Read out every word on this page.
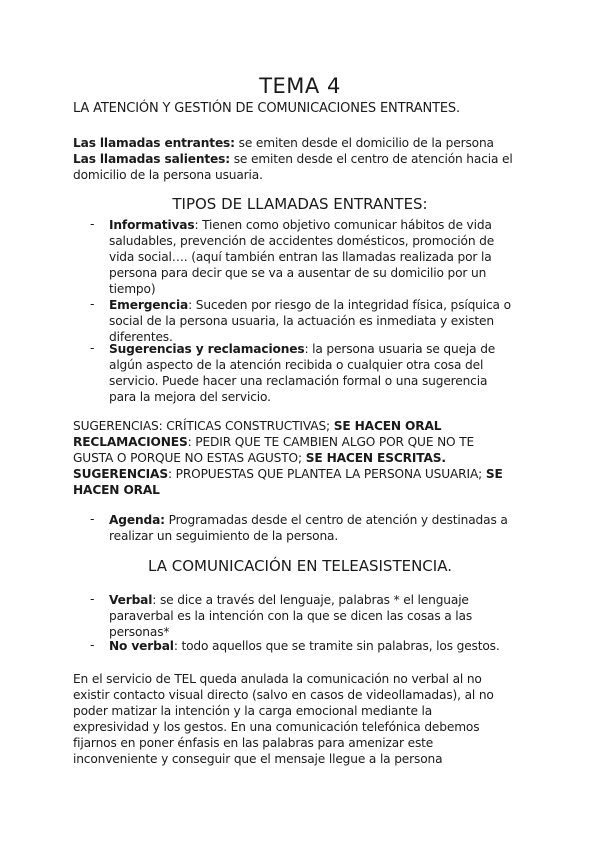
TEMA 4
LA ATENCIÓN Y GESTIÓN DE COMUNICACIONES ENTRANTES.
Las llamadas entrantes: se emiten desde el domicilio de la persona
Las llamadas salientes: se emiten desde el centro de atención hacia el
domicilio de la persona usuaria.
TIPOS DE LLAMADAS ENTRANTES:
- Informativas: Tienen como objetivo comunicar hábitos de vida
saludables, prevención de accidentes domésticos, promoción de
vida social…. (aquí también entran las llamadas realizada por la
persona para decir que se va a ausentar de su domicilio por un
tiempo)
- Emergencia: Suceden por riesgo de la integridad física, psíquica o
social de la persona usuaria, la actuación es inmediata y existen
diferentes.
- Sugerencias y reclamaciones: la persona usuaria se queja de
algún aspecto de la atención recibida o cualquier otra cosa del
servicio. Puede hacer una reclamación formal o una sugerencia
para la mejora del servicio.
SUGERENCIAS: CRÍTICAS CONSTRUCTIVAS; SE HACEN ORAL
RECLAMACIONES: PEDIR QUE TE CAMBIEN ALGO POR QUE NO TE
GUSTA O PORQUE NO ESTAS AGUSTO; SE HACEN ESCRITAS.
SUGERENCIAS: PROPUESTAS QUE PLANTEA LA PERSONA USUARIA; SE
HACEN ORAL
- Agenda: Programadas desde el centro de atención y destinadas a
realizar un seguimiento de la persona.
LA COMUNICACIÓN EN TELEASISTENCIA.
- Verbal: se dice a través del lenguaje, palabras * el lenguaje
paraverbal es la intención con la que se dicen las cosas a las
personas*
- No verbal: todo aquellos que se tramite sin palabras, los gestos.
En el servicio de TEL queda anulada la comunicación no verbal al no
existir contacto visual directo (salvo en casos de videollamadas), al no
poder matizar la intención y la carga emocional mediante la
expresividad y los gestos. En una comunicación telefónica debemos
fijarnos en poner énfasis en las palabras para amenizar este
inconveniente y conseguir que el mensaje llegue a la persona
